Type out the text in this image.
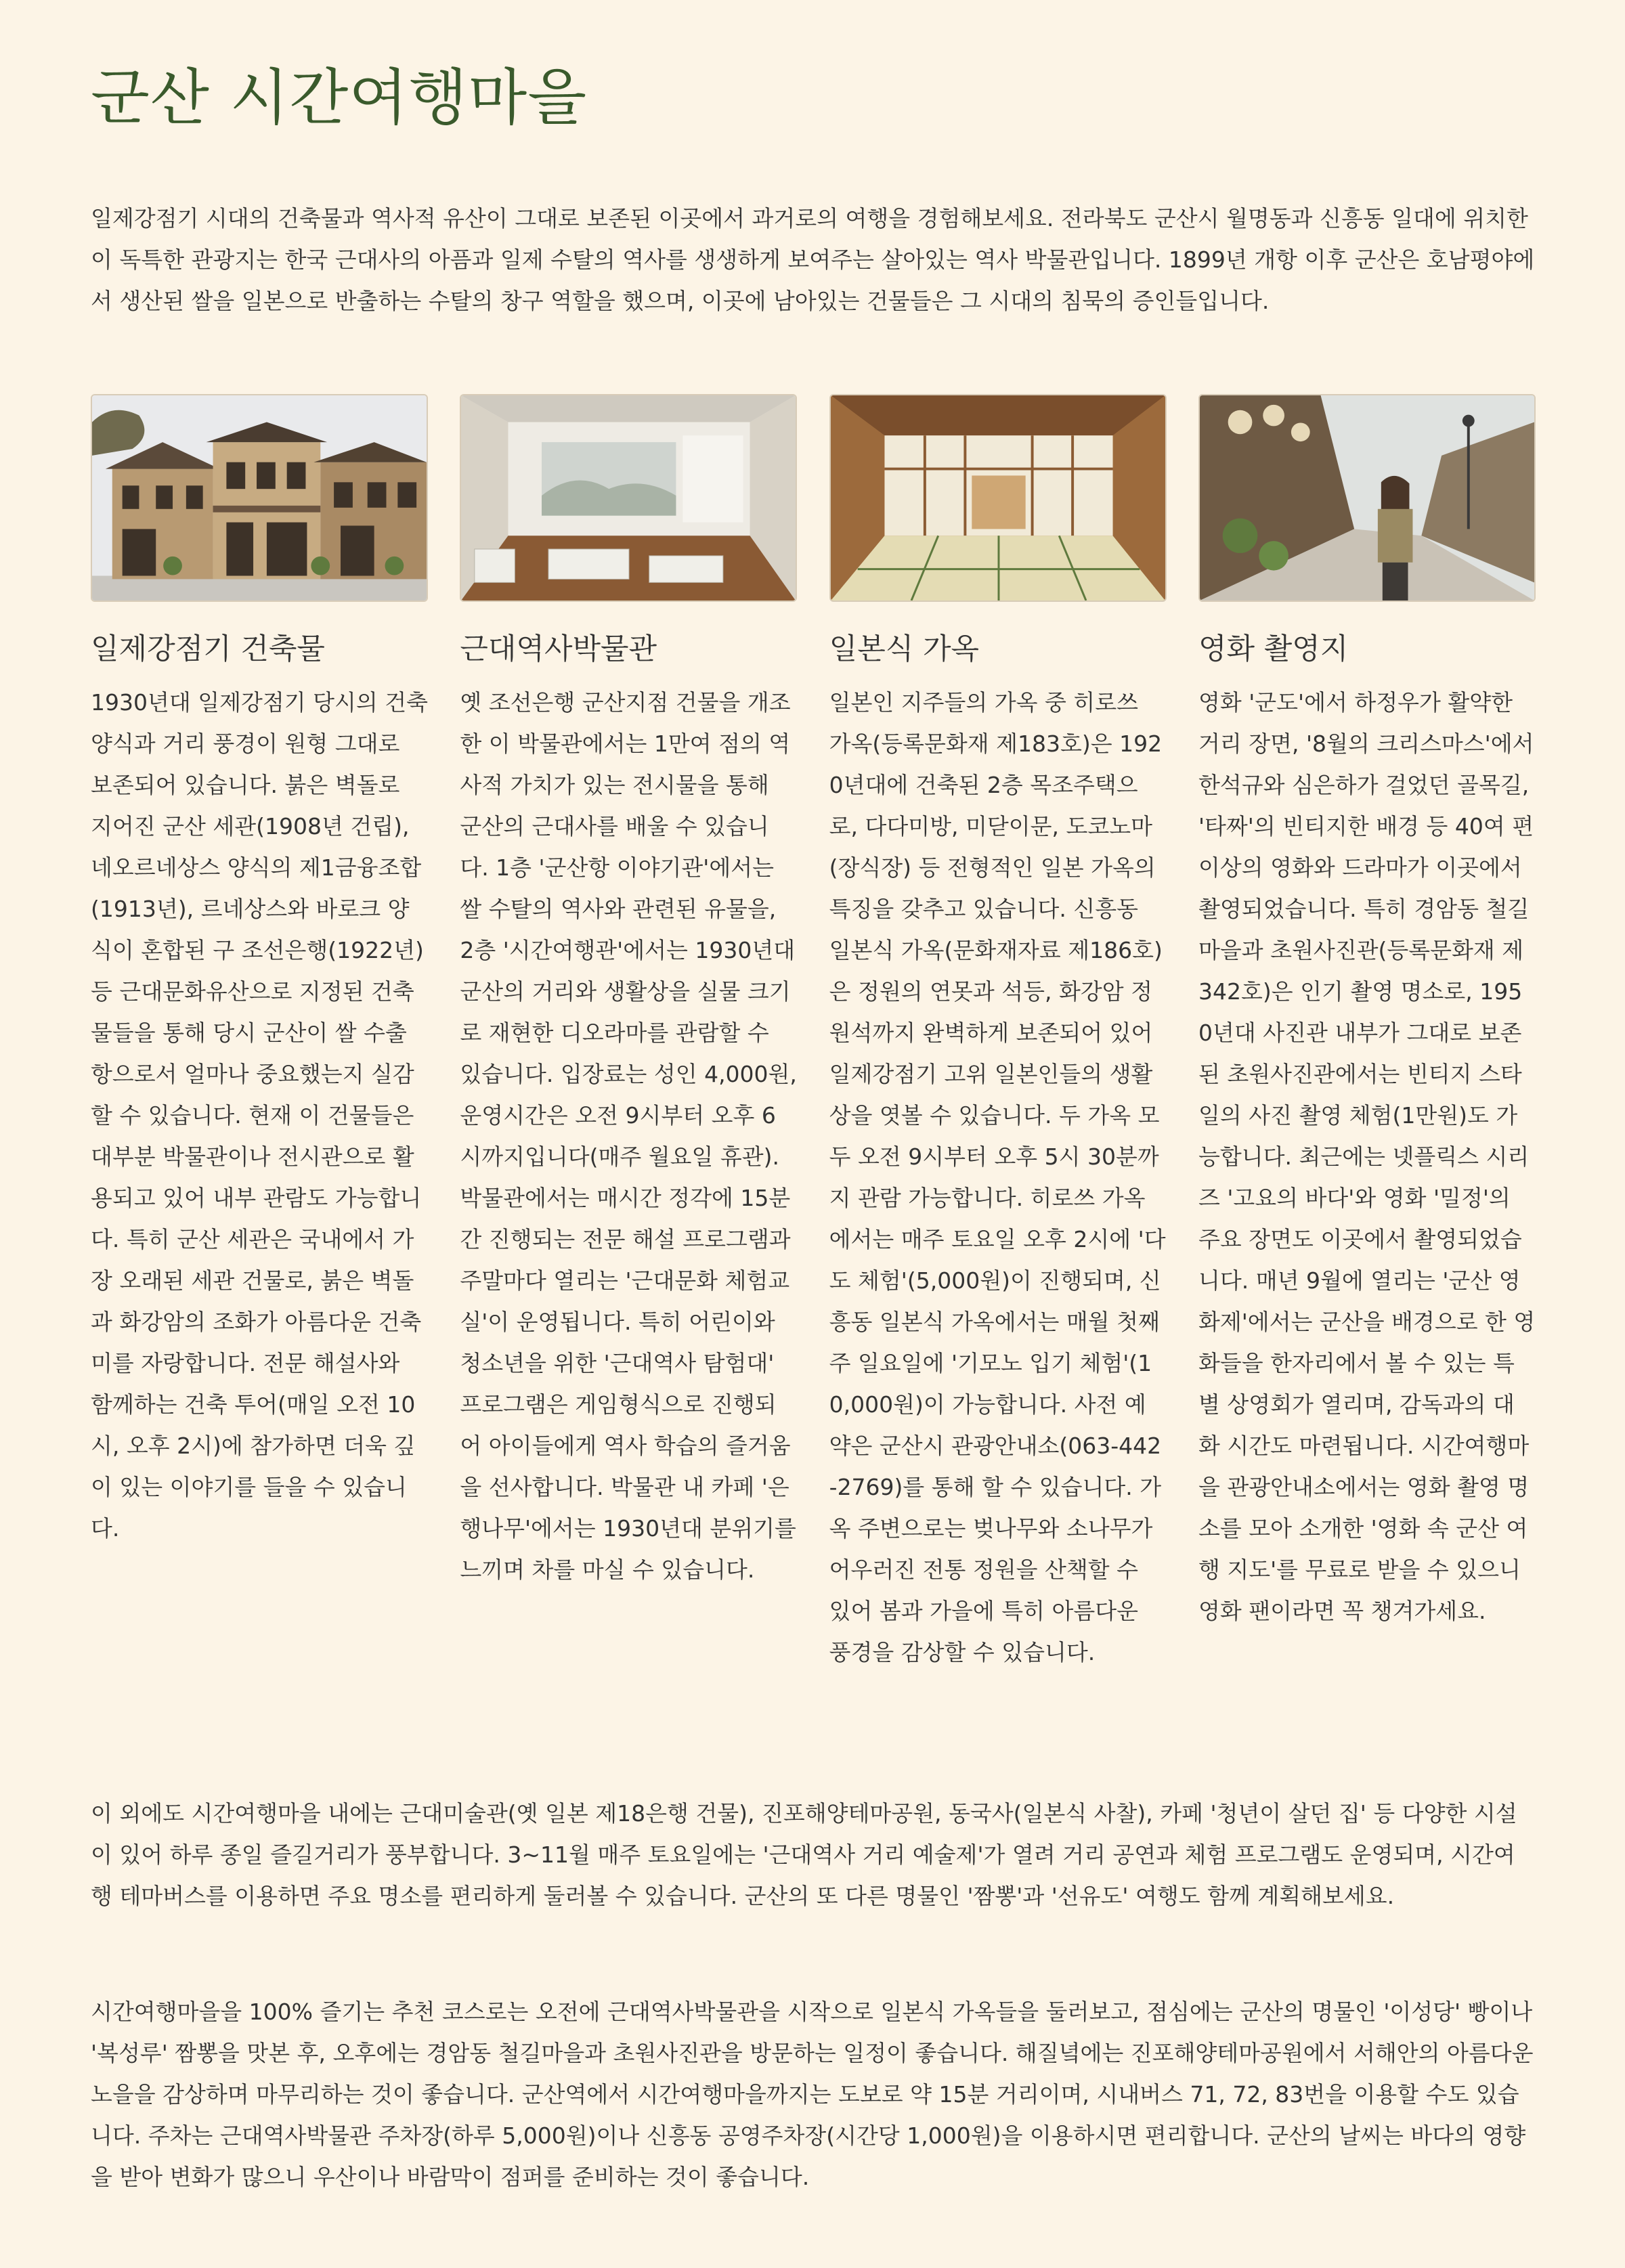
군산 시간여행마을

일제강점기 시대의 건축물과 역사적 유산이 그대로 보존된 이곳에서 과거로의 여행을 경험해보세요. 전라북도 군산시 월명동과 신흥동 일대에 위치한 이 독특한 관광지는 한국 근대사의 아픔과 일제 수탈의 역사를 생생하게 보여주는 살아있는 역사 박물관입니다. 1899년 개항 이후 군산은 호남평야에서 생산된 쌀을 일본으로 반출하는 수탈의 창구 역할을 했으며, 이곳에 남아있는 건물들은 그 시대의 침묵의 증인들입니다.

일제강점기 건축물

1930년대 일제강점기 당시의 건축양식과 거리 풍경이 원형 그대로 보존되어 있습니다. 붉은 벽돌로 지어진 군산 세관(1908년 건립), 네오르네상스 양식의 제1금융조합(1913년), 르네상스와 바로크 양식이 혼합된 구 조선은행(1922년) 등 근대문화유산으로 지정된 건축물들을 통해 당시 군산이 쌀 수출항으로서 얼마나 중요했는지 실감할 수 있습니다. 현재 이 건물들은 대부분 박물관이나 전시관으로 활용되고 있어 내부 관람도 가능합니다. 특히 군산 세관은 국내에서 가장 오래된 세관 건물로, 붉은 벽돌과 화강암의 조화가 아름다운 건축미를 자랑합니다. 전문 해설사와 함께하는 건축 투어(매일 오전 10시, 오후 2시)에 참가하면 더욱 깊이 있는 이야기를 들을 수 있습니다.

근대역사박물관

옛 조선은행 군산지점 건물을 개조한 이 박물관에서는 1만여 점의 역사적 가치가 있는 전시물을 통해 군산의 근대사를 배울 수 있습니다. 1층 '군산항 이야기관'에서는 쌀 수탈의 역사와 관련된 유물을, 2층 '시간여행관'에서는 1930년대 군산의 거리와 생활상을 실물 크기로 재현한 디오라마를 관람할 수 있습니다. 입장료는 성인 4,000원, 운영시간은 오전 9시부터 오후 6시까지입니다(매주 월요일 휴관). 박물관에서는 매시간 정각에 15분간 진행되는 전문 해설 프로그램과 주말마다 열리는 '근대문화 체험교실'이 운영됩니다. 특히 어린이와 청소년을 위한 '근대역사 탐험대' 프로그램은 게임형식으로 진행되어 아이들에게 역사 학습의 즐거움을 선사합니다. 박물관 내 카페 '은행나무'에서는 1930년대 분위기를 느끼며 차를 마실 수 있습니다.

일본식 가옥

일본인 지주들의 가옥 중 히로쓰 가옥(등록문화재 제183호)은 1920년대에 건축된 2층 목조주택으로, 다다미방, 미닫이문, 도코노마(장식장) 등 전형적인 일본 가옥의 특징을 갖추고 있습니다. 신흥동 일본식 가옥(문화재자료 제186호)은 정원의 연못과 석등, 화강암 정원석까지 완벽하게 보존되어 있어 일제강점기 고위 일본인들의 생활상을 엿볼 수 있습니다. 두 가옥 모두 오전 9시부터 오후 5시 30분까지 관람 가능합니다. 히로쓰 가옥에서는 매주 토요일 오후 2시에 '다도 체험'(5,000원)이 진행되며, 신흥동 일본식 가옥에서는 매월 첫째 주 일요일에 '기모노 입기 체험'(10,000원)이 가능합니다. 사전 예약은 군산시 관광안내소(063-442-2769)를 통해 할 수 있습니다. 가옥 주변으로는 벚나무와 소나무가 어우러진 전통 정원을 산책할 수 있어 봄과 가을에 특히 아름다운 풍경을 감상할 수 있습니다.

영화 촬영지

영화 '군도'에서 하정우가 활약한 거리 장면, '8월의 크리스마스'에서 한석규와 심은하가 걸었던 골목길, '타짜'의 빈티지한 배경 등 40여 편 이상의 영화와 드라마가 이곳에서 촬영되었습니다. 특히 경암동 철길마을과 초원사진관(등록문화재 제342호)은 인기 촬영 명소로, 1950년대 사진관 내부가 그대로 보존된 초원사진관에서는 빈티지 스타일의 사진 촬영 체험(1만원)도 가능합니다. 최근에는 넷플릭스 시리즈 '고요의 바다'와 영화 '밀정'의 주요 장면도 이곳에서 촬영되었습니다. 매년 9월에 열리는 '군산 영화제'에서는 군산을 배경으로 한 영화들을 한자리에서 볼 수 있는 특별 상영회가 열리며, 감독과의 대화 시간도 마련됩니다. 시간여행마을 관광안내소에서는 영화 촬영 명소를 모아 소개한 '영화 속 군산 여행 지도'를 무료로 받을 수 있으니 영화 팬이라면 꼭 챙겨가세요.

이 외에도 시간여행마을 내에는 근대미술관(옛 일본 제18은행 건물), 진포해양테마공원, 동국사(일본식 사찰), 카페 '청년이 살던 집' 등 다양한 시설이 있어 하루 종일 즐길거리가 풍부합니다. 3~11월 매주 토요일에는 '근대역사 거리 예술제'가 열려 거리 공연과 체험 프로그램도 운영되며, 시간여행 테마버스를 이용하면 주요 명소를 편리하게 둘러볼 수 있습니다. 군산의 또 다른 명물인 '짬뽕'과 '선유도' 여행도 함께 계획해보세요.

시간여행마을을 100% 즐기는 추천 코스로는 오전에 근대역사박물관을 시작으로 일본식 가옥들을 둘러보고, 점심에는 군산의 명물인 '이성당' 빵이나 '복성루' 짬뽕을 맛본 후, 오후에는 경암동 철길마을과 초원사진관을 방문하는 일정이 좋습니다. 해질녘에는 진포해양테마공원에서 서해안의 아름다운 노을을 감상하며 마무리하는 것이 좋습니다. 군산역에서 시간여행마을까지는 도보로 약 15분 거리이며, 시내버스 71, 72, 83번을 이용할 수도 있습니다. 주차는 근대역사박물관 주차장(하루 5,000원)이나 신흥동 공영주차장(시간당 1,000원)을 이용하시면 편리합니다. 군산의 날씨는 바다의 영향을 받아 변화가 많으니 우산이나 바람막이 점퍼를 준비하는 것이 좋습니다.
